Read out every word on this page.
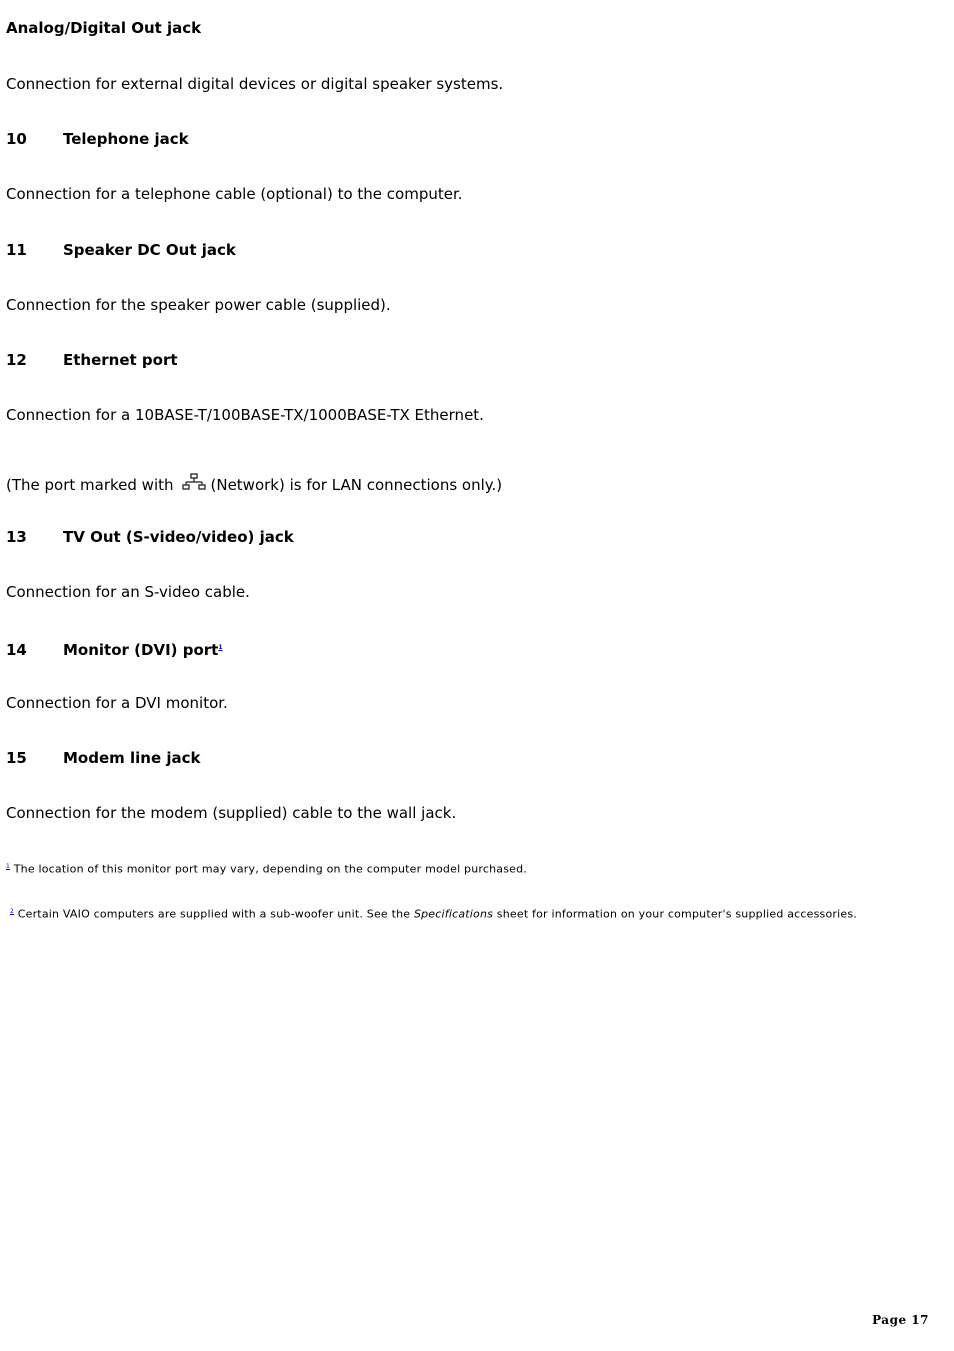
Analog/Digital Out jack

Connection for external digital devices or digital speaker systems.

10 Telephone jack

Connection for a telephone cable (optional) to the computer.

11 Speaker DC Out jack

Connection for the speaker power cable (supplied).

12 Ethernet port

Connection for a 10BASE-T/100BASE-TX/1000BASE-TX Ethernet.

(The port marked with (Network) is for LAN connections only.)

13 TV Out (S-video/video) jack

Connection for an S-video cable.

14 Monitor (DVI) port$^1$

Connection for a DVI monitor.

15 Modem line jack

Connection for the modem (supplied) cable to the wall jack.

$^1$ The location of this monitor port may vary, depending on the computer model purchased.

$^2$ Certain VAIO computers are supplied with a sub-woofer unit. See the Specifications sheet for information on your computer's supplied accessories.

Page 17
